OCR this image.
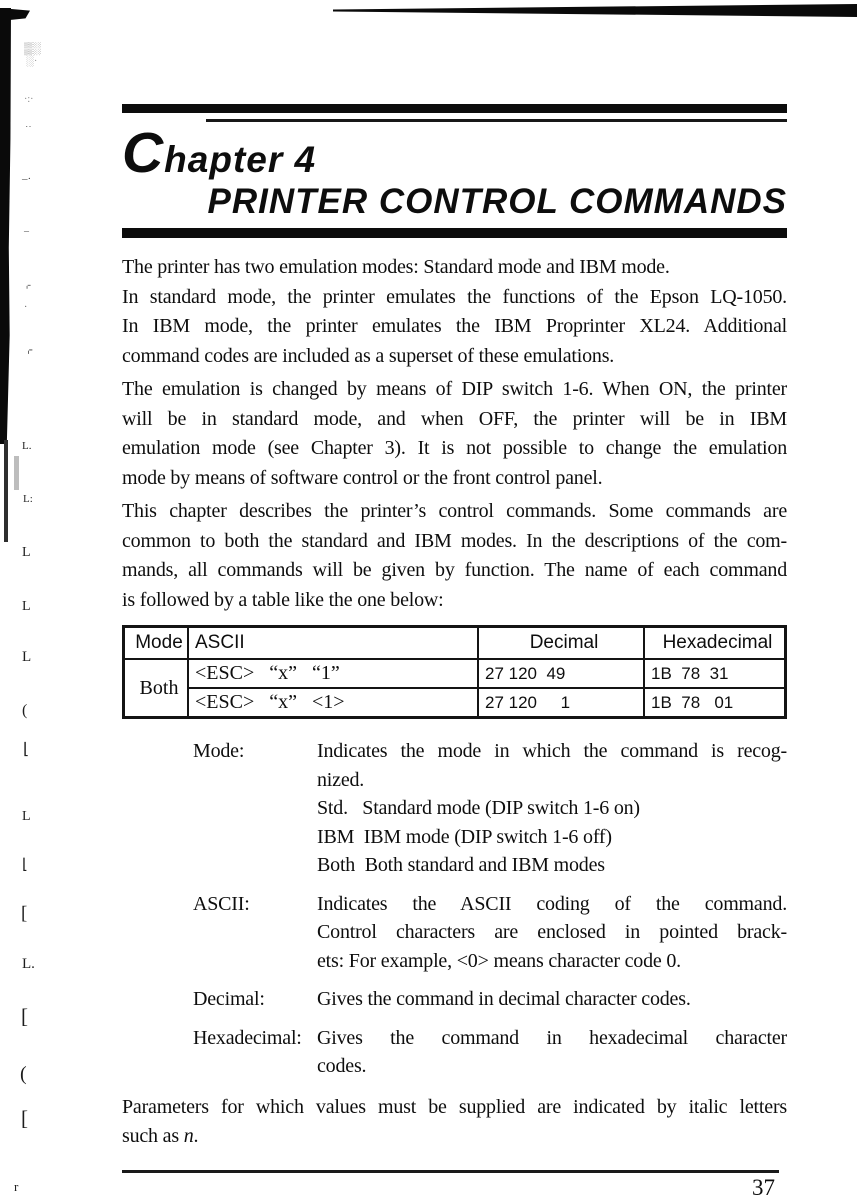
▒░
░·
·:·
‥
‒·
‒
⌌
·
⌌
L.
L:
L
L
L
(
⌊
L
⌊
[
L.
[
(
[
r
Chapter 4
PRINTER CONTROL COMMANDS
The printer has two emulation modes: Standard mode and IBM mode.
In standard mode, the printer emulates the functions of the Epson LQ-1050.
In IBM mode, the printer emulates the IBM Proprinter XL24. Additional
command codes are included as a superset of these emulations.
The emulation is changed by means of DIP switch 1-6. When ON, the printer
will be in standard mode, and when OFF, the printer will be in IBM
emulation mode (see Chapter 3). It is not possible to change the emulation
mode by means of software control or the front control panel.
This chapter describes the printer’s control commands. Some commands are
common to both the standard and IBM modes. In the descriptions of the com-
mands, all commands will be given by function. The name of each command
is followed by a table like the one below:
Mode	ASCII	Decimal	Hexadecimal
Both	<ESC>   “x”   “1”	27 120  49	1B  78  31
	<ESC>   “x”   <1>	27 120     1	1B  78   01
Mode:	Indicates the mode in which the command is recog-
nized.
Std.   Standard mode (DIP switch 1-6 on)
IBM  IBM mode (DIP switch 1-6 off)
Both  Both standard and IBM modes
ASCII:	Indicates the ASCII coding of the command.
Control characters are enclosed in pointed brack-
ets: For example, <0> means character code 0.
Decimal:	Gives the command in decimal character codes.
Hexadecimal: Gives the command in hexadecimal character
codes.
Parameters for which values must be supplied are indicated by italic letters
such as n.
37
